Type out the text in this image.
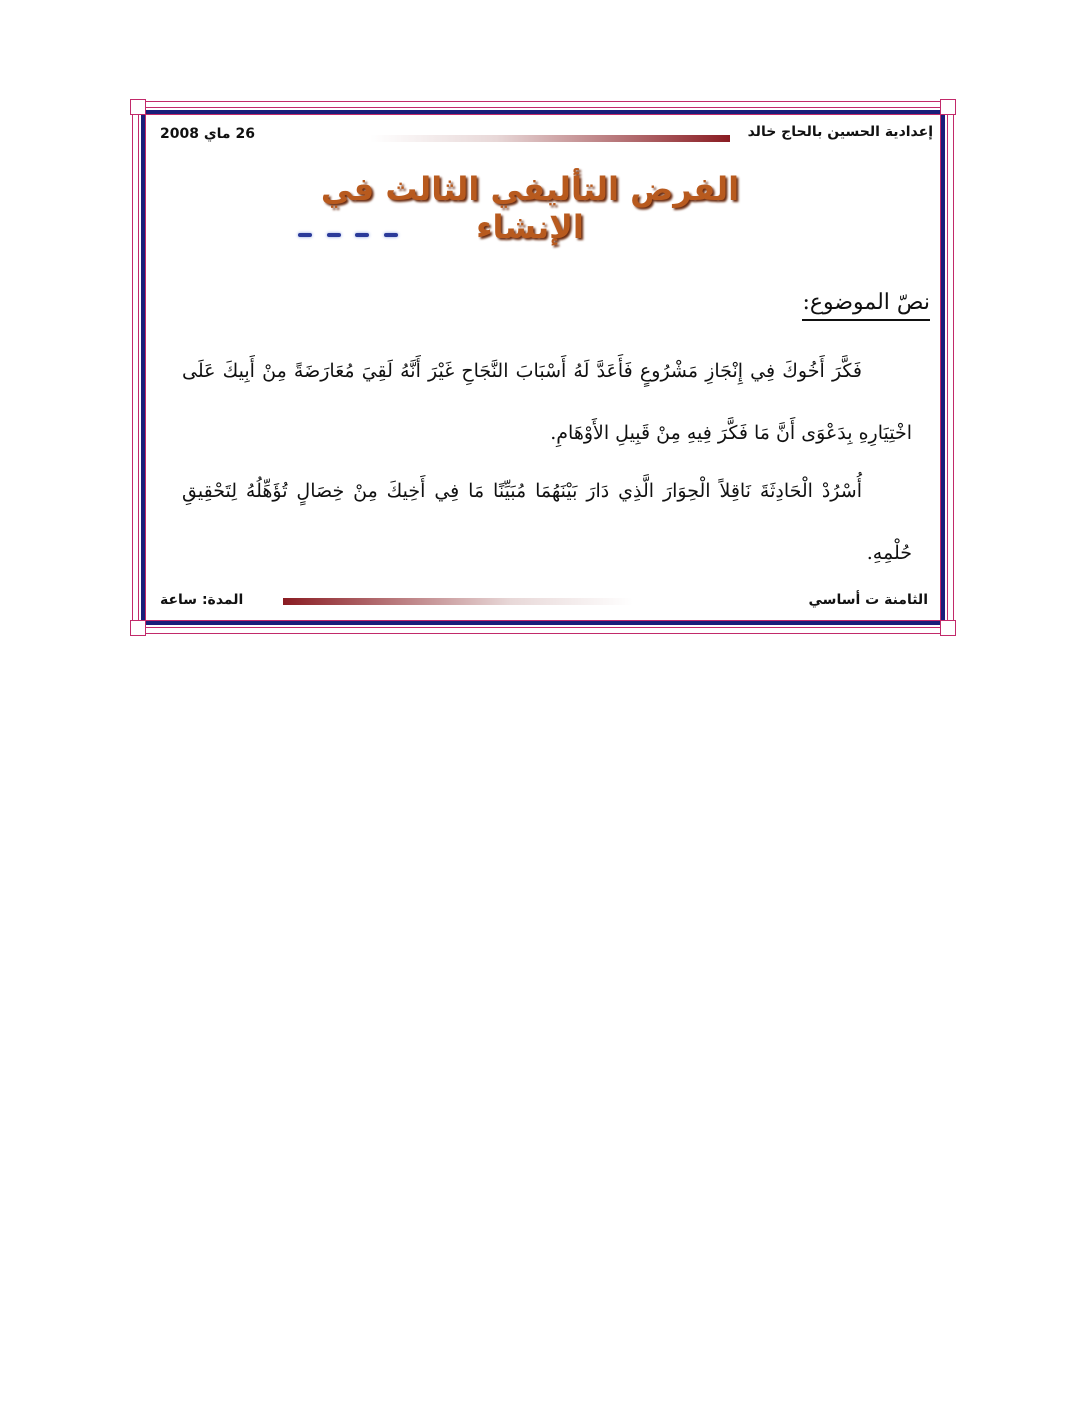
إعدادية الحسين بالحاج خالد
26 ماي 2008
الفرض التأليفي الثالث في الإنشاء
نصّ الموضوع:
فَكَّرَ أَخُوكَ فِي إِنْجَازِ مَشْرُوعٍ فَأَعَدَّ لَهُ أَسْبَابَ النَّجَاحِ غَيْرَ أَنَّهُ لَقِيَ مُعَارَضَةً مِنْ أَبِيكَ عَلَى اخْتِيَارِهِ بِدَعْوَى أَنَّ مَا فَكَّرَ فِيهِ مِنْ قَبِيلِ الأَوْهَامِ.
أُسْرُدْ الْحَادِثَةَ نَاقِلاً الْحِوَارَ الَّذِي دَارَ بَيْنَهُمَا مُبَيِّنًا مَا فِي أَخِيكَ مِنْ خِصَالٍ تُؤَهِّلُهُ لِتَحْقِيقِ حُلْمِهِ.
الثامنة ت أساسي
المدة: ساعة
